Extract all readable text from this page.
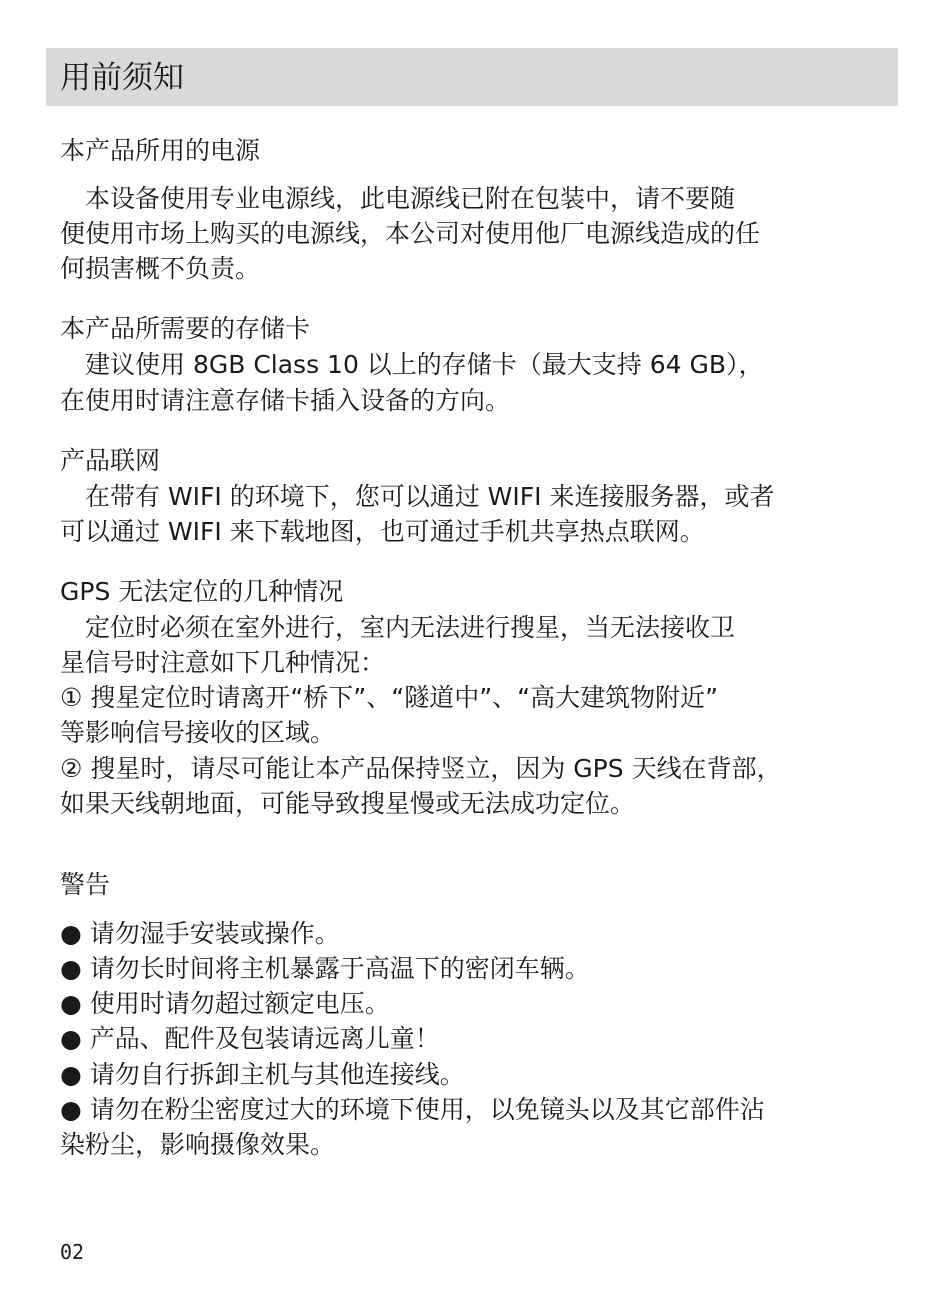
用前须知
本产品所用的电源
　本设备使用专业电源线，此电源线已附在包装中，请不要随
便使用市场上购买的电源线，本公司对使用他厂电源线造成的任
何损害概不负责。
本产品所需要的存储卡
　建议使用 8GB Class 10 以上的存储卡（最大支持 64 GB），
在使用时请注意存储卡插入设备的方向。
产品联网
　在带有 WIFI 的环境下，您可以通过 WIFI 来连接服务器，或者
可以通过 WIFI 来下载地图，也可通过手机共享热点联网。
GPS 无法定位的几种情况
　定位时必须在室外进行，室内无法进行搜星，当无法接收卫
星信号时注意如下几种情况：
① 搜星定位时请离开“桥下”、“隧道中”、“高大建筑物附近”
等影响信号接收的区域。
② 搜星时，请尽可能让本产品保持竖立，因为 GPS 天线在背部，
如果天线朝地面，可能导致搜星慢或无法成功定位。
警告
● 请勿湿手安装或操作。
● 请勿长时间将主机暴露于高温下的密闭车辆。
● 使用时请勿超过额定电压。
● 产品、配件及包装请远离儿童！
● 请勿自行拆卸主机与其他连接线。
● 请勿在粉尘密度过大的环境下使用，以免镜头以及其它部件沾
染粉尘，影响摄像效果。
02
